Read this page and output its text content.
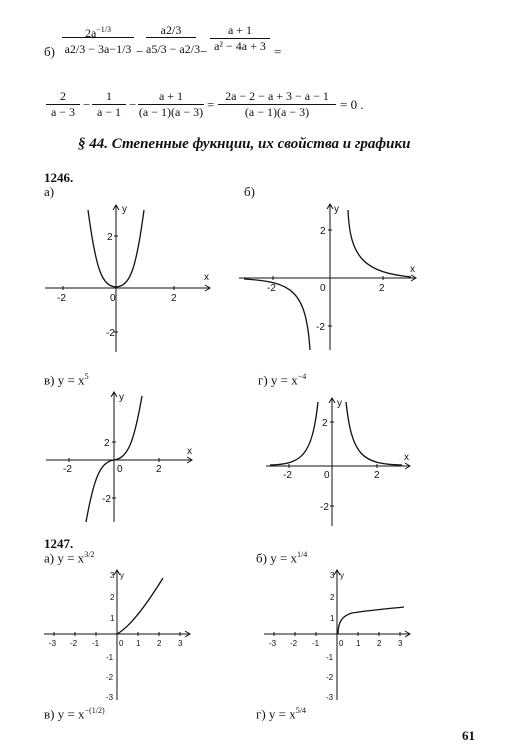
б)
$2a^{-1/3}$
a2/3 − 3a−1/3 −
a2/3
a5/3 − a2/3 −
a + 1
a² − 4a + 3 =
2
a − 3 −
1
a − 1 −
a + 1
(a − 1)(a − 3) =
2a − 2 − a + 3 − a − 1
(a − 1)(a − 3)	= 0 .
§ 44. Степенные фукнции, их свойства и графики
1246.
а)	б)
y
x
-2	2
0
2
-2
y
x
-2	2
0
2
-2
в) $y = x^5$	г) $y = x^{-4}$
y
x
-2	2
0
2
-2
y
x
-2	2
0
2
-2
1247.
а) $y = x^{3/2}$	б) $y = x^{1/4}$
-3 -2 -1 0 1 2 3
3 y
2
1
-1
-2
-3
-3 -2 -1 0 1 2 3
3 y
2
1
-1
-2
-3
в) $y = x^{-(1/2)}$	г) $y = x^{5/4}$
61
